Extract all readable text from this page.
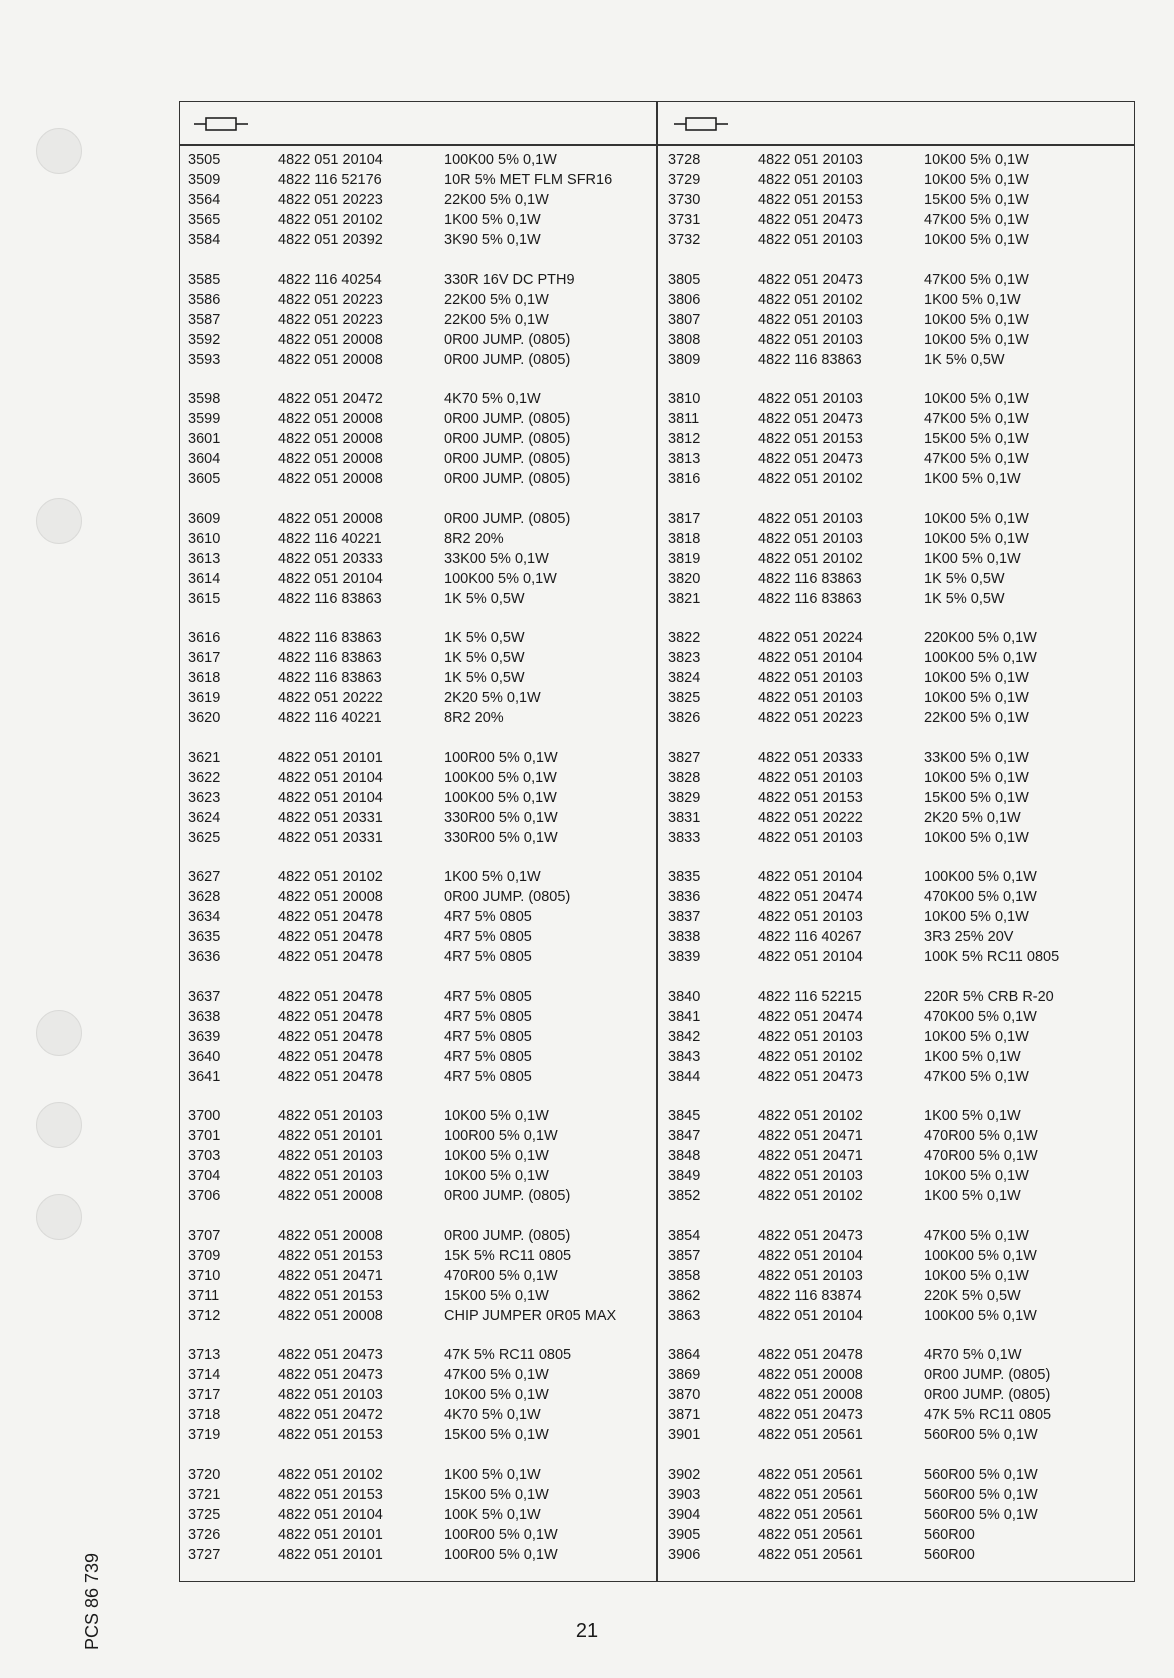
PCS 86 739	21
3505	4822 051 20104	100K00 5% 0,1W
3509	4822 116 52176	10R 5% MET FLM SFR16
3564	4822 051 20223	22K00 5% 0,1W
3565	4822 051 20102	1K00 5% 0,1W
3584	4822 051 20392	3K90 5% 0,1W
3585	4822 116 40254	330R 16V DC PTH9
3586	4822 051 20223	22K00 5% 0,1W
3587	4822 051 20223	22K00 5% 0,1W
3592	4822 051 20008	0R00 JUMP. (0805)
3593	4822 051 20008	0R00 JUMP. (0805)
3598	4822 051 20472	4K70 5% 0,1W
3599	4822 051 20008	0R00 JUMP. (0805)
3601	4822 051 20008	0R00 JUMP. (0805)
3604	4822 051 20008	0R00 JUMP. (0805)
3605	4822 051 20008	0R00 JUMP. (0805)
3609	4822 051 20008	0R00 JUMP. (0805)
3610	4822 116 40221	8R2 20%
3613	4822 051 20333	33K00 5% 0,1W
3614	4822 051 20104	100K00 5% 0,1W
3615	4822 116 83863	1K 5% 0,5W
3616	4822 116 83863	1K 5% 0,5W
3617	4822 116 83863	1K 5% 0,5W
3618	4822 116 83863	1K 5% 0,5W
3619	4822 051 20222	2K20 5% 0,1W
3620	4822 116 40221	8R2 20%
3621	4822 051 20101	100R00 5% 0,1W
3622	4822 051 20104	100K00 5% 0,1W
3623	4822 051 20104	100K00 5% 0,1W
3624	4822 051 20331	330R00 5% 0,1W
3625	4822 051 20331	330R00 5% 0,1W
3627	4822 051 20102	1K00 5% 0,1W
3628	4822 051 20008	0R00 JUMP. (0805)
3634	4822 051 20478	4R7 5% 0805
3635	4822 051 20478	4R7 5% 0805
3636	4822 051 20478	4R7 5% 0805
3637	4822 051 20478	4R7 5% 0805
3638	4822 051 20478	4R7 5% 0805
3639	4822 051 20478	4R7 5% 0805
3640	4822 051 20478	4R7 5% 0805
3641	4822 051 20478	4R7 5% 0805
3700	4822 051 20103	10K00 5% 0,1W
3701	4822 051 20101	100R00 5% 0,1W
3703	4822 051 20103	10K00 5% 0,1W
3704	4822 051 20103	10K00 5% 0,1W
3706	4822 051 20008	0R00 JUMP. (0805)
3707	4822 051 20008	0R00 JUMP. (0805)
3709	4822 051 20153	15K 5% RC11 0805
3710	4822 051 20471	470R00 5% 0,1W
3711	4822 051 20153	15K00 5% 0,1W
3712	4822 051 20008	CHIP JUMPER 0R05 MAX
3713	4822 051 20473	47K 5% RC11 0805
3714	4822 051 20473	47K00 5% 0,1W
3717	4822 051 20103	10K00 5% 0,1W
3718	4822 051 20472	4K70 5% 0,1W
3719	4822 051 20153	15K00 5% 0,1W
3720	4822 051 20102	1K00 5% 0,1W
3721	4822 051 20153	15K00 5% 0,1W
3725	4822 051 20104	100K 5% 0,1W
3726	4822 051 20101	100R00 5% 0,1W
3727	4822 051 20101	100R00 5% 0,1W
3728	4822 051 20103	10K00 5% 0,1W
3729	4822 051 20103	10K00 5% 0,1W
3730	4822 051 20153	15K00 5% 0,1W
3731	4822 051 20473	47K00 5% 0,1W
3732	4822 051 20103	10K00 5% 0,1W
3805	4822 051 20473	47K00 5% 0,1W
3806	4822 051 20102	1K00 5% 0,1W
3807	4822 051 20103	10K00 5% 0,1W
3808	4822 051 20103	10K00 5% 0,1W
3809	4822 116 83863	1K 5% 0,5W
3810	4822 051 20103	10K00 5% 0,1W
3811	4822 051 20473	47K00 5% 0,1W
3812	4822 051 20153	15K00 5% 0,1W
3813	4822 051 20473	47K00 5% 0,1W
3816	4822 051 20102	1K00 5% 0,1W
3817	4822 051 20103	10K00 5% 0,1W
3818	4822 051 20103	10K00 5% 0,1W
3819	4822 051 20102	1K00 5% 0,1W
3820	4822 116 83863	1K 5% 0,5W
3821	4822 116 83863	1K 5% 0,5W
3822	4822 051 20224	220K00 5% 0,1W
3823	4822 051 20104	100K00 5% 0,1W
3824	4822 051 20103	10K00 5% 0,1W
3825	4822 051 20103	10K00 5% 0,1W
3826	4822 051 20223	22K00 5% 0,1W
3827	4822 051 20333	33K00 5% 0,1W
3828	4822 051 20103	10K00 5% 0,1W
3829	4822 051 20153	15K00 5% 0,1W
3831	4822 051 20222	2K20 5% 0,1W
3833	4822 051 20103	10K00 5% 0,1W
3835	4822 051 20104	100K00 5% 0,1W
3836	4822 051 20474	470K00 5% 0,1W
3837	4822 051 20103	10K00 5% 0,1W
3838	4822 116 40267	3R3 25% 20V
3839	4822 051 20104	100K 5% RC11 0805
3840	4822 116 52215	220R 5% CRB R-20
3841	4822 051 20474	470K00 5% 0,1W
3842	4822 051 20103	10K00 5% 0,1W
3843	4822 051 20102	1K00 5% 0,1W
3844	4822 051 20473	47K00 5% 0,1W
3845	4822 051 20102	1K00 5% 0,1W
3847	4822 051 20471	470R00 5% 0,1W
3848	4822 051 20471	470R00 5% 0,1W
3849	4822 051 20103	10K00 5% 0,1W
3852	4822 051 20102	1K00 5% 0,1W
3854	4822 051 20473	47K00 5% 0,1W
3857	4822 051 20104	100K00 5% 0,1W
3858	4822 051 20103	10K00 5% 0,1W
3862	4822 116 83874	220K 5% 0,5W
3863	4822 051 20104	100K00 5% 0,1W
3864	4822 051 20478	4R70 5% 0,1W
3869	4822 051 20008	0R00 JUMP. (0805)
3870	4822 051 20008	0R00 JUMP. (0805)
3871	4822 051 20473	47K 5% RC11 0805
3901	4822 051 20561	560R00 5% 0,1W
3902	4822 051 20561	560R00 5% 0,1W
3903	4822 051 20561	560R00 5% 0,1W
3904	4822 051 20561	560R00 5% 0,1W
3905	4822 051 20561	560R00
3906	4822 051 20561	560R00
